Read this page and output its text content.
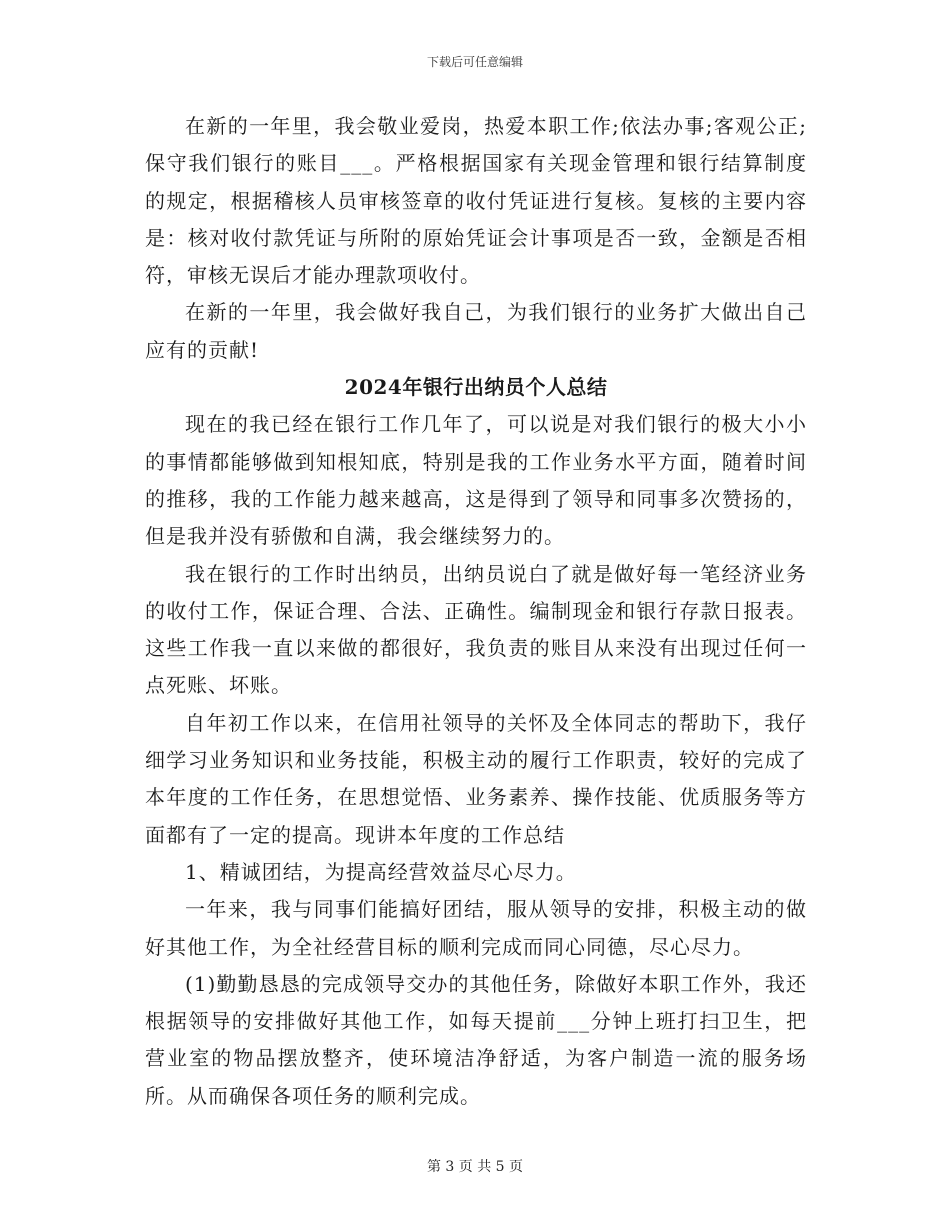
下载后可任意编辑

在新的一年里，我会敬业爱岗，热爱本职工作;依法办事;客观公正;保守我们银行的账目___。严格根据国家有关现金管理和银行结算制度的规定，根据稽核人员审核签章的收付凭证进行复核。复核的主要内容是：核对收付款凭证与所附的原始凭证会计事项是否一致，金额是否相符，审核无误后才能办理款项收付。

在新的一年里，我会做好我自己，为我们银行的业务扩大做出自己应有的贡献!

2024年银行出纳员个人总结

现在的我已经在银行工作几年了，可以说是对我们银行的极大小小的事情都能够做到知根知底，特别是我的工作业务水平方面，随着时间的推移，我的工作能力越来越高，这是得到了领导和同事多次赞扬的，但是我并没有骄傲和自满，我会继续努力的。

我在银行的工作时出纳员，出纳员说白了就是做好每一笔经济业务的收付工作，保证合理、合法、正确性。编制现金和银行存款日报表。这些工作我一直以来做的都很好，我负责的账目从来没有出现过任何一点死账、坏账。

自年初工作以来，在信用社领导的关怀及全体同志的帮助下，我仔细学习业务知识和业务技能，积极主动的履行工作职责，较好的完成了本年度的工作任务，在思想觉悟、业务素养、操作技能、优质服务等方面都有了一定的提高。现讲本年度的工作总结

1、精诚团结，为提高经营效益尽心尽力。

一年来，我与同事们能搞好团结，服从领导的安排，积极主动的做好其他工作，为全社经营目标的顺利完成而同心同德，尽心尽力。

(1)勤勤恳恳的完成领导交办的其他任务，除做好本职工作外，我还根据领导的安排做好其他工作，如每天提前___分钟上班打扫卫生，把营业室的物品摆放整齐，使环境洁净舒适，为客户制造一流的服务场所。从而确保各项任务的顺利完成。

第 3 页 共 5 页
